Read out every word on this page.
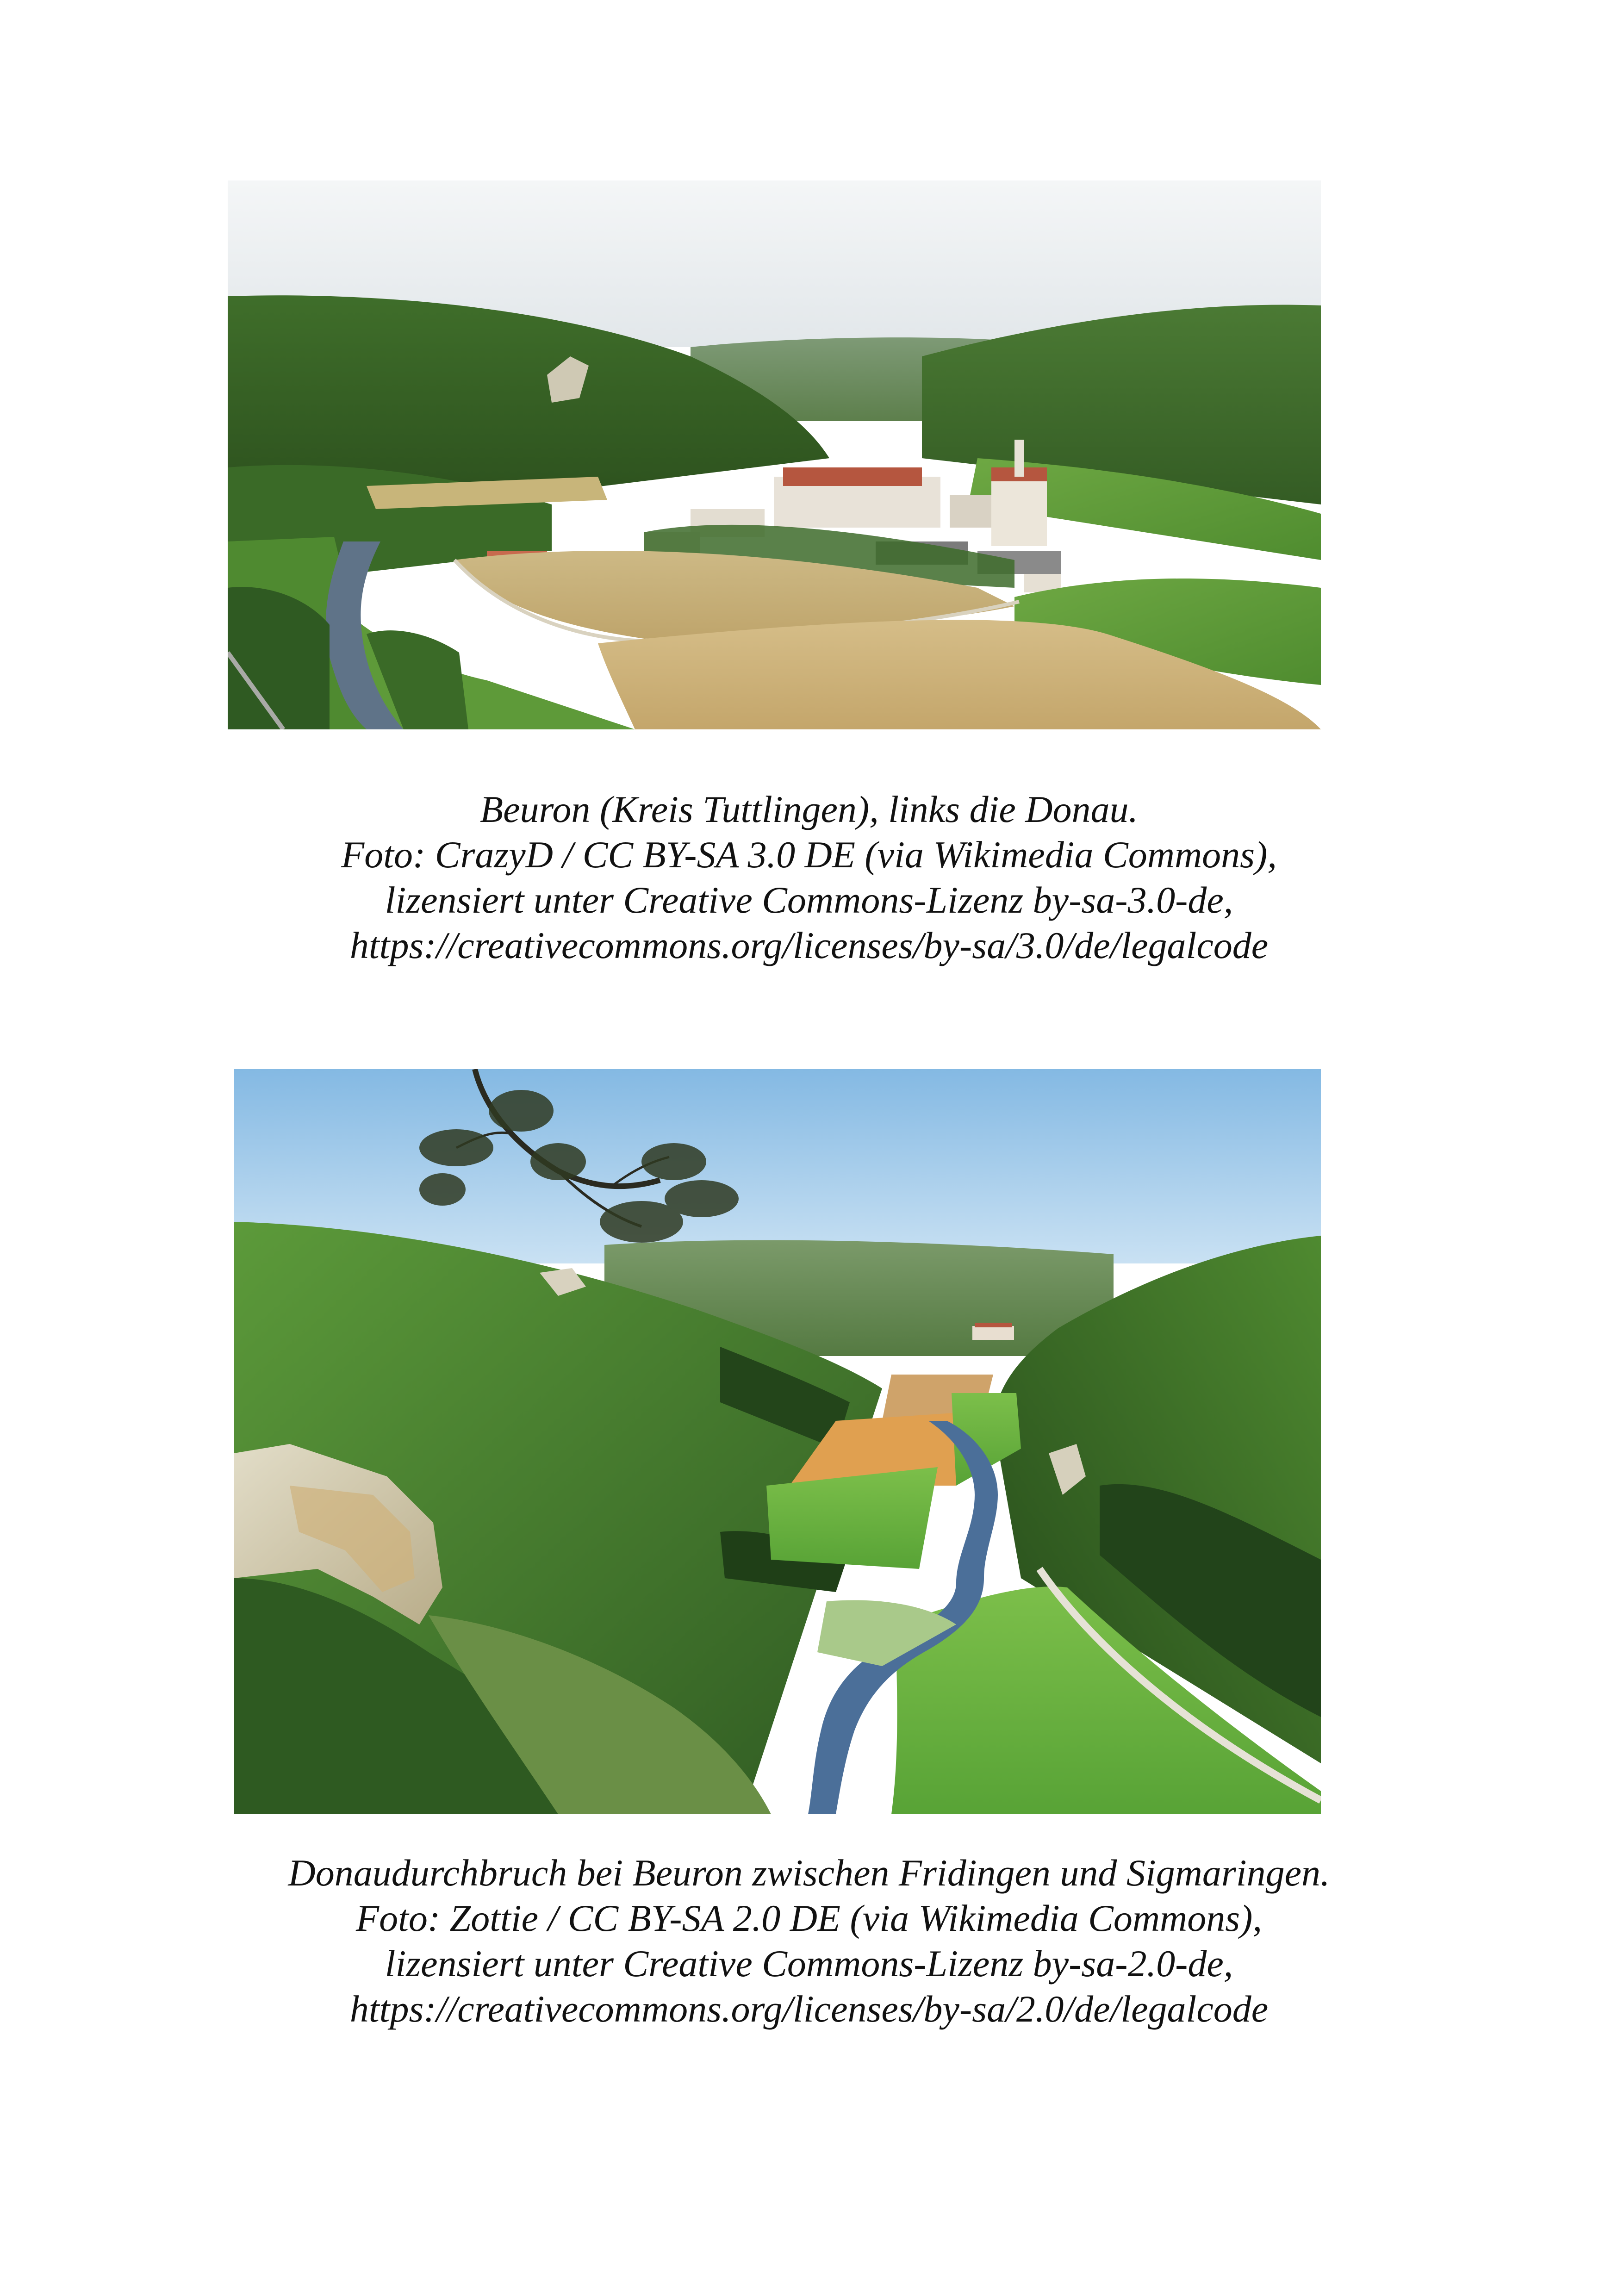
Beuron (Kreis Tuttlingen), links die Donau.
Foto: CrazyD / CC BY-SA 3.0 DE (via Wikimedia Commons),
lizensiert unter Creative Commons-Lizenz by-sa-3.0-de,
https://creativecommons.org/licenses/by-sa/3.0/de/legalcode
Donaudurchbruch bei Beuron zwischen Fridingen und Sigmaringen.
Foto: Zottie / CC BY-SA 2.0 DE (via Wikimedia Commons),
lizensiert unter Creative Commons-Lizenz by-sa-2.0-de,
https://creativecommons.org/licenses/by-sa/2.0/de/legalcode
